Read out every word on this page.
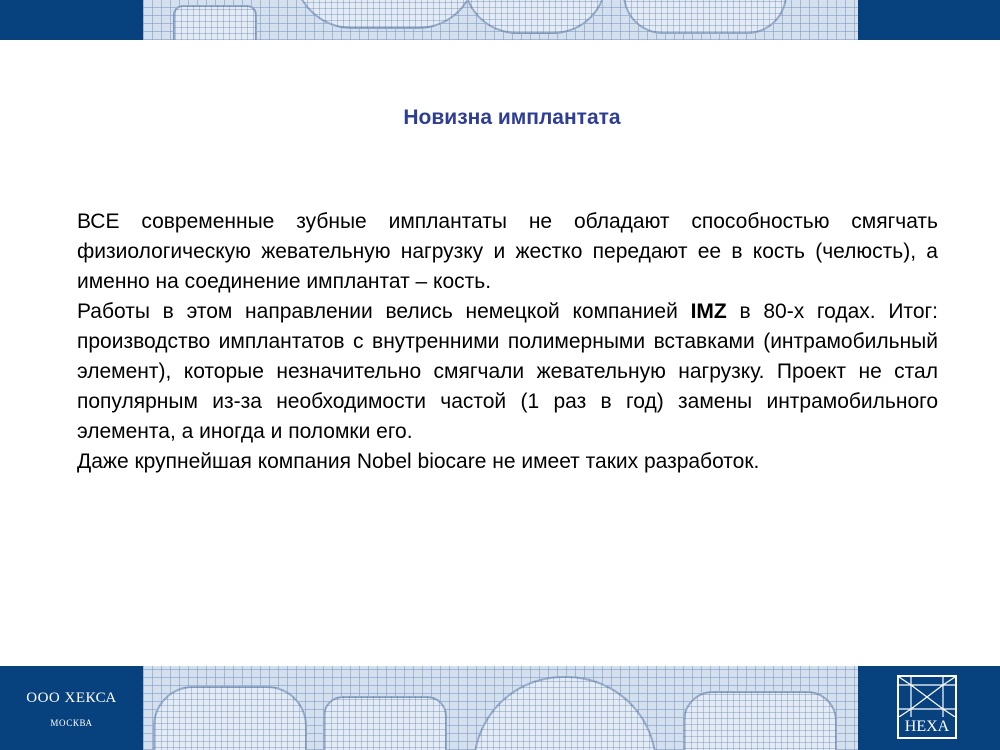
Новизна имплантата

ВСЕ современные зубные имплантаты не обладают способностью смягчать физиологическую жевательную нагрузку и жестко передают ее в кость (челюсть), а именно на соединение имплантат – кость.

Работы в этом направлении велись немецкой компанией IMZ в 80-х годах. Итог: производство имплантатов с внутренними полимерными вставками (интрамобильный элемент), которые незначительно смягчали жевательную нагрузку. Проект не стал популярным из-за необходимости частой (1 раз в год) замены интрамобильного элемента, а иногда и поломки его.

Даже крупнейшая компания Nobel biocare не имеет таких разработок.

ООО ХЕКСА
МОСКВА	HEXA
